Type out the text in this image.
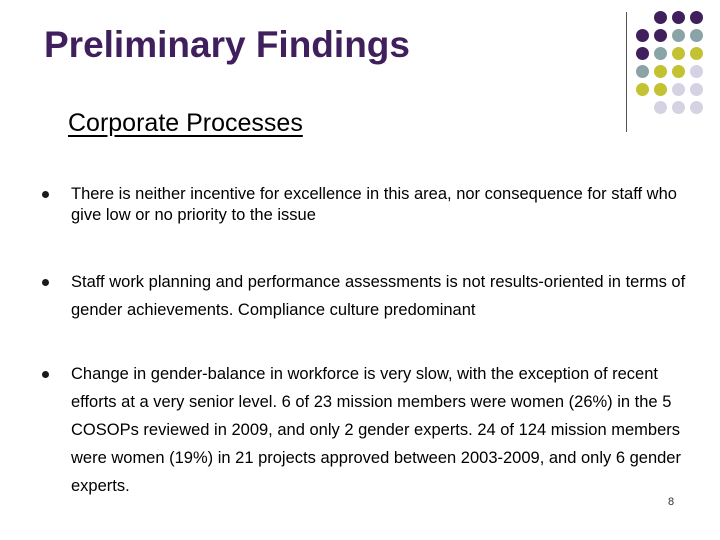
Preliminary Findings
Corporate Processes
There is neither incentive for excellence in this area, nor consequence for staff who give low or no priority to the issue
Staff work planning and performance assessments is not results-oriented in terms of gender achievements. Compliance culture predominant
Change in gender-balance in workforce is very slow, with the exception of recent efforts at a very senior level. 6 of 23 mission members were women (26%) in the 5 COSOPs reviewed in 2009, and only 2 gender experts. 24 of 124 mission members were women (19%) in 21 projects approved between 2003-2009, and only 6 gender experts.
8
